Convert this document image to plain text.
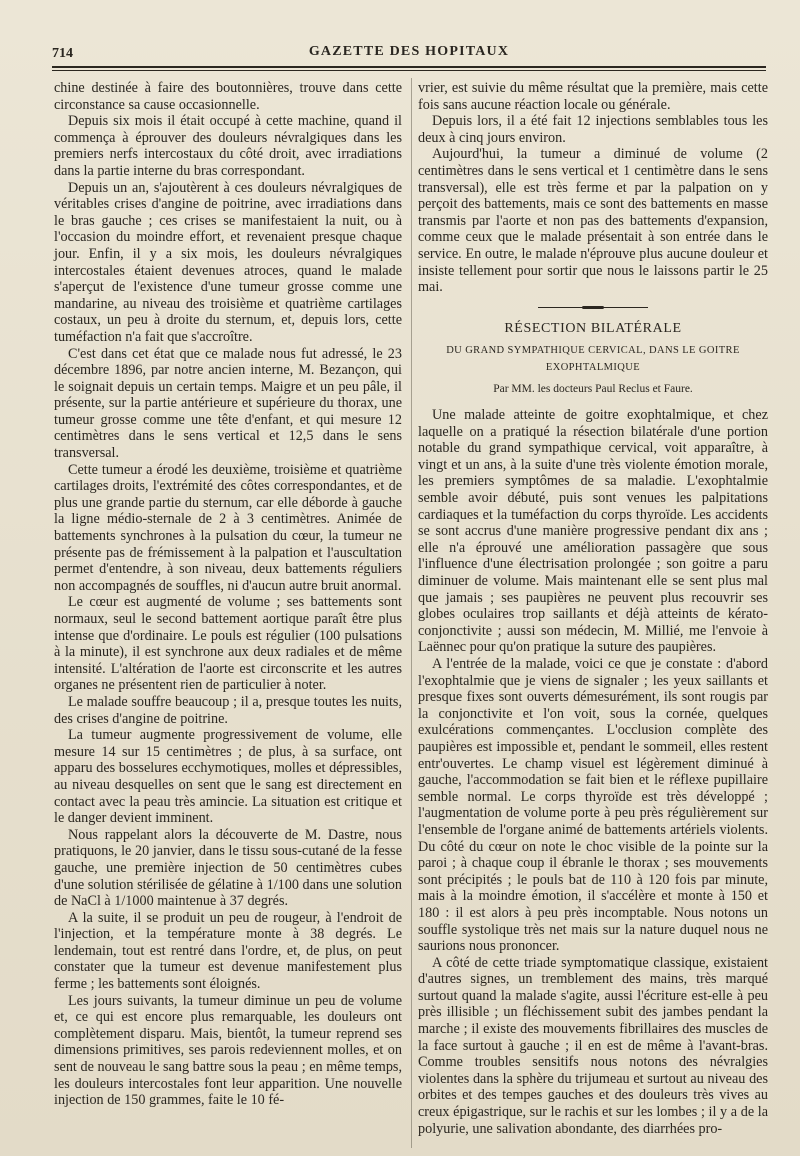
714	GAZETTE DES HOPITAUX

chine destinée à faire des boutonnières, trouve dans cette circonstance sa cause occasionnelle.

Depuis six mois il était occupé à cette machine, quand il commença à éprouver des douleurs névralgiques dans les premiers nerfs intercostaux du côté droit, avec irradiations dans la partie interne du bras correspondant.

Depuis un an, s'ajoutèrent à ces douleurs névralgiques de véritables crises d'angine de poitrine, avec irradiations dans le bras gauche ; ces crises se manifestaient la nuit, ou à l'occasion du moindre effort, et revenaient presque chaque jour. Enfin, il y a six mois, les douleurs névralgiques intercostales étaient devenues atroces, quand le malade s'aperçut de l'existence d'une tumeur grosse comme une mandarine, au niveau des troisième et quatrième cartilages costaux, un peu à droite du sternum, et, depuis lors, cette tuméfaction n'a fait que s'accroître.

C'est dans cet état que ce malade nous fut adressé, le 23 décembre 1896, par notre ancien interne, M. Bezançon, qui le soignait depuis un certain temps. Maigre et un peu pâle, il présente, sur la partie antérieure et supérieure du thorax, une tumeur grosse comme une tête d'enfant, et qui mesure 12 centimètres dans le sens vertical et 12,5 dans le sens transversal.

Cette tumeur a érodé les deuxième, troisième et quatrième cartilages droits, l'extrémité des côtes correspondantes, et de plus une grande partie du sternum, car elle déborde à gauche la ligne médio-sternale de 2 à 3 centimètres. Animée de battements synchrones à la pulsation du cœur, la tumeur ne présente pas de frémissement à la palpation et l'auscultation permet d'entendre, à son niveau, deux battements réguliers non accompagnés de souffles, ni d'aucun autre bruit anormal.

Le cœur est augmenté de volume ; ses battements sont normaux, seul le second battement aortique paraît être plus intense que d'ordinaire. Le pouls est régulier (100 pulsations à la minute), il est synchrone aux deux radiales et de même intensité. L'altération de l'aorte est circonscrite et les autres organes ne présentent rien de particulier à noter.

Le malade souffre beaucoup ; il a, presque toutes les nuits, des crises d'angine de poitrine.

La tumeur augmente progressivement de volume, elle mesure 14 sur 15 centimètres ; de plus, à sa surface, ont apparu des bosselures ecchymotiques, molles et dépressibles, au niveau desquelles on sent que le sang est directement en contact avec la peau très amincie. La situation est critique et le danger devient imminent.

Nous rappelant alors la découverte de M. Dastre, nous pratiquons, le 20 janvier, dans le tissu sous-cutané de la fesse gauche, une première injection de 50 centimètres cubes d'une solution stérilisée de gélatine à 1/100 dans une solution de NaCl à 1/1000 maintenue à 37 degrés.

A la suite, il se produit un peu de rougeur, à l'endroit de l'injection, et la température monte à 38 degrés. Le lendemain, tout est rentré dans l'ordre, et, de plus, on peut constater que la tumeur est devenue manifestement plus ferme ; les battements sont éloignés.

Les jours suivants, la tumeur diminue un peu de volume et, ce qui est encore plus remarquable, les douleurs ont complètement disparu. Mais, bientôt, la tumeur reprend ses dimensions primitives, ses parois redeviennent molles, et on sent de nouveau le sang battre sous la peau ; en même temps, les douleurs intercostales font leur apparition. Une nouvelle injection de 150 grammes, faite le 10 fé-

vrier, est suivie du même résultat que la première, mais cette fois sans aucune réaction locale ou générale.

Depuis lors, il a été fait 12 injections semblables tous les deux à cinq jours environ.

Aujourd'hui, la tumeur a diminué de volume (2 centimètres dans le sens vertical et 1 centimètre dans le sens transversal), elle est très ferme et par la palpation on y perçoit des battements, mais ce sont des battements en masse transmis par l'aorte et non pas des battements d'expansion, comme ceux que le malade présentait à son entrée dans le service. En outre, le malade n'éprouve plus aucune douleur et insiste tellement pour sortir que nous le laissons partir le 25 mai.

RÉSECTION BILATÉRALE
DU GRAND SYMPATHIQUE CERVICAL, DANS LE GOITRE EXOPHTALMIQUE
Par MM. les docteurs Paul Reclus et Faure.

Une malade atteinte de goitre exophtalmique, et chez laquelle on a pratiqué la résection bilatérale d'une portion notable du grand sympathique cervical, voit apparaître, à vingt et un ans, à la suite d'une très violente émotion morale, les premiers symptômes de sa maladie. L'exophtalmie semble avoir débuté, puis sont venues les palpitations cardiaques et la tuméfaction du corps thyroïde. Les accidents se sont accrus d'une manière progressive pendant dix ans ; elle n'a éprouvé une amélioration passagère que sous l'influence d'une électrisation prolongée ; son goitre a paru diminuer de volume. Mais maintenant elle se sent plus mal que jamais ; ses paupières ne peuvent plus recouvrir ses globes oculaires trop saillants et déjà atteints de kérato-conjonctivite ; aussi son médecin, M. Millié, me l'envoie à Laënnec pour qu'on pratique la suture des paupières.

A l'entrée de la malade, voici ce que je constate : d'abord l'exophtalmie que je viens de signaler ; les yeux saillants et presque fixes sont ouverts démesurément, ils sont rougis par la conjonctivite et l'on voit, sous la cornée, quelques exulcérations commençantes. L'occlusion complète des paupières est impossible et, pendant le sommeil, elles restent entr'ouvertes. Le champ visuel est légèrement diminué à gauche, l'accommodation se fait bien et le réflexe pupillaire semble normal. Le corps thyroïde est très développé ; l'augmentation de volume porte à peu près régulièrement sur l'ensemble de l'organe animé de battements artériels violents. Du côté du cœur on note le choc visible de la pointe sur la paroi ; à chaque coup il ébranle le thorax ; ses mouvements sont précipités ; le pouls bat de 110 à 120 fois par minute, mais à la moindre émotion, il s'accélère et monte à 150 et 180 : il est alors à peu près incomptable. Nous notons un souffle systolique très net mais sur la nature duquel nous ne saurions nous prononcer.

A côté de cette triade symptomatique classique, existaient d'autres signes, un tremblement des mains, très marqué surtout quand la malade s'agite, aussi l'écriture est-elle à peu près illisible ; un fléchissement subit des jambes pendant la marche ; il existe des mouvements fibrillaires des muscles de la face surtout à gauche ; il en est de même à l'avant-bras. Comme troubles sensitifs nous notons des névralgies violentes dans la sphère du trijumeau et surtout au niveau des orbites et des tempes gauches et des douleurs très vives au creux épigastrique, sur le rachis et sur les lombes ; il y a de la polyurie, une salivation abondante, des diarrhées pro-
